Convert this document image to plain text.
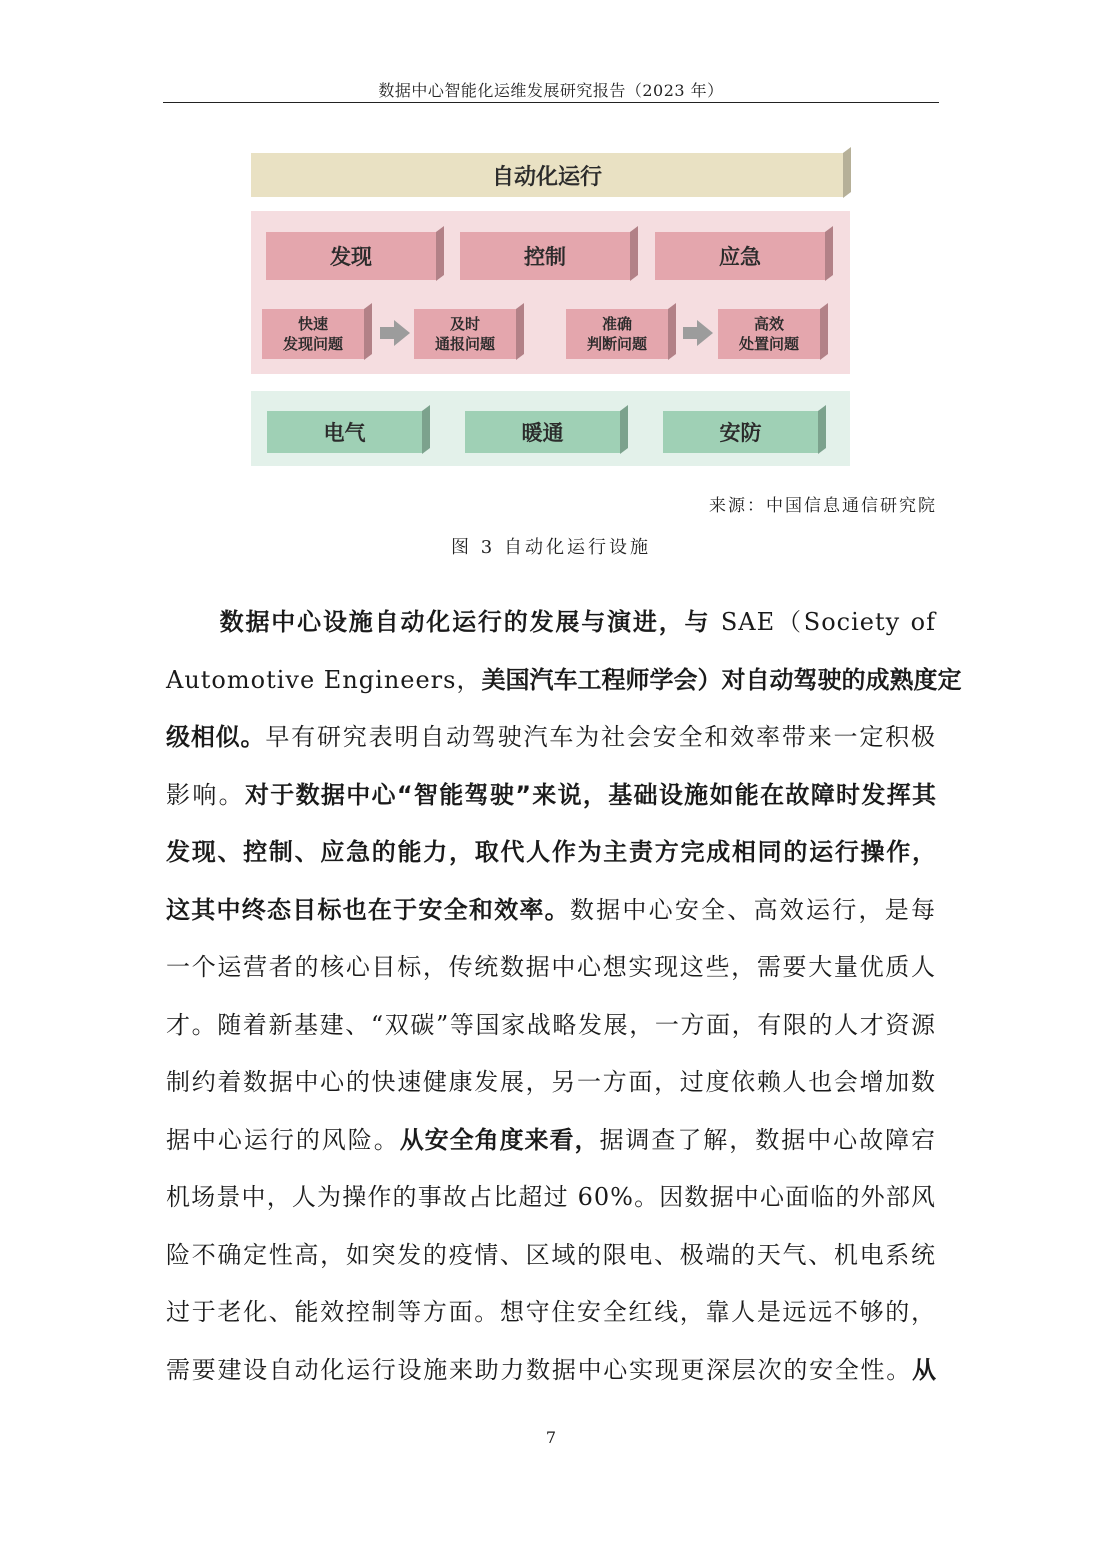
数据中心智能化运维发展研究报告（2023 年）
自动化运行
发现	控制	应急
快速
发现问题
及时
通报问题
准确
判断问题
高效
处置问题
电气	暖通	安防
来源：中国信息通信研究院
图 3 自动化运行设施
　　数据中心设施自动化运行的发展与演进，与 SAE（Society of
Automotive Engineers，美国汽车工程师学会）对自动驾驶的成熟度定
级相似。早有研究表明自动驾驶汽车为社会安全和效率带来一定积极
影响。对于数据中心“智能驾驶”来说，基础设施如能在故障时发挥其
发现、控制、应急的能力，取代人作为主责方完成相同的运行操作，
这其中终态目标也在于安全和效率。数据中心安全、高效运行，是每
一个运营者的核心目标，传统数据中心想实现这些，需要大量优质人
才。随着新基建、“双碳”等国家战略发展，一方面，有限的人才资源
制约着数据中心的快速健康发展，另一方面，过度依赖人也会增加数
据中心运行的风险。从安全角度来看，据调查了解，数据中心故障宕
机场景中，人为操作的事故占比超过 60%。因数据中心面临的外部风
险不确定性高，如突发的疫情、区域的限电、极端的天气、机电系统
过于老化、能效控制等方面。想守住安全红线，靠人是远远不够的，
需要建设自动化运行设施来助力数据中心实现更深层次的安全性。从
7
